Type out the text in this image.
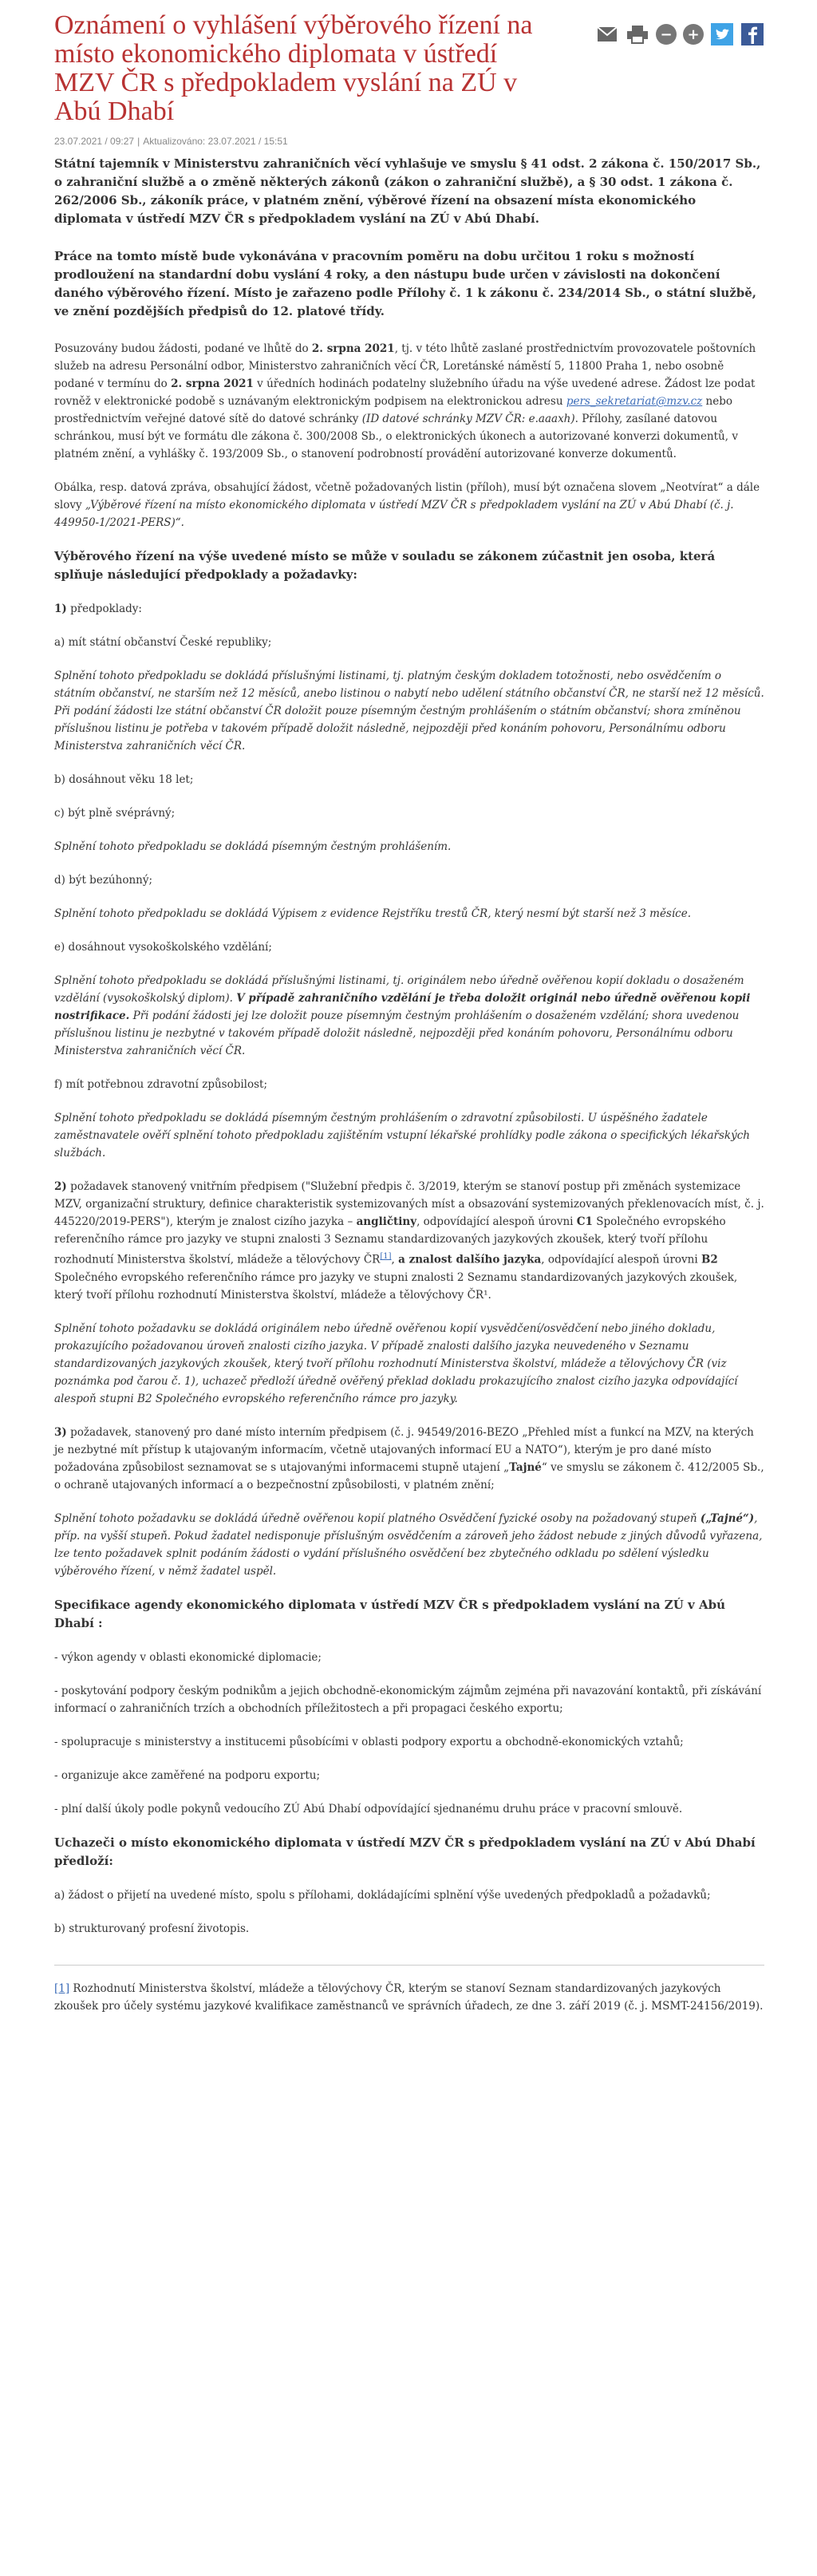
Oznámení o vyhlášení výběrového řízení na místo ekonomického diplomata v ústředí MZV ČR s předpokladem vyslání na ZÚ v Abú Dhabí
−	+
23.07.2021 / 09:27 | Aktualizováno: 23.07.2021 / 15:51
Státní tajemník v Ministerstvu zahraničních věcí vyhlašuje ve smyslu § 41 odst. 2 zákona č. 150/2017 Sb., o zahraniční službě a o změně některých zákonů (zákon o zahraniční službě), a § 30 odst. 1 zákona č. 262/2006 Sb., zákoník práce, v platném znění, výběrové řízení na obsazení místa ekonomického diplomata v ústředí MZV ČR s předpokladem vyslání na ZÚ v Abú Dhabí.
Práce na tomto místě bude vykonávána v pracovním poměru na dobu určitou 1 roku s možností prodloužení na standardní dobu vyslání 4 roky, a den nástupu bude určen v závislosti na dokončení daného výběrového řízení. Místo je zařazeno podle Přílohy č. 1 k zákonu č. 234/2014 Sb., o státní službě, ve znění pozdějších předpisů do 12. platové třídy.

Posuzovány budou žádosti, podané ve lhůtě do 2. srpna 2021, tj. v této lhůtě zaslané prostřednictvím provozovatele poštovních služeb na adresu Personální odbor, Ministerstvo zahraničních věcí ČR, Loretánské náměstí 5, 11800 Praha 1, nebo osobně podané v termínu do 2. srpna 2021 v úředních hodinách podatelny služebního úřadu na výše uvedené adrese. Žádost lze podat rovněž v elektronické podobě s uznávaným elektronickým podpisem na elektronickou adresu pers_sekretariat@mzv.cz nebo prostřednictvím veřejné datové sítě do datové schránky (ID datové schránky MZV ČR: e.aaaxh). Přílohy, zasílané datovou schránkou, musí být ve formátu dle zákona č. 300/2008 Sb., o elektronických úkonech a autorizované konverzi dokumentů, v platném znění, a vyhlášky č. 193/2009 Sb., o stanovení podrobností provádění autorizované konverze dokumentů.

Obálka, resp. datová zpráva, obsahující žádost, včetně požadovaných listin (příloh), musí být označena slovem „Neotvírat“ a dále slovy „Výběrové řízení na místo ekonomického diplomata v ústředí MZV ČR s předpokladem vyslání na ZÚ v Abú Dhabí (č. j. 449950-1/2021-PERS)“.

Výběrového řízení na výše uvedené místo se může v souladu se zákonem zúčastnit jen osoba, která splňuje následující předpoklady a požadavky:

1) předpoklady:

a) mít státní občanství České republiky;

Splnění tohoto předpokladu se dokládá příslušnými listinami, tj. platným českým dokladem totožnosti, nebo osvědčením o státním občanství, ne starším než 12 měsíců, anebo listinou o nabytí nebo udělení státního občanství ČR, ne starší než 12 měsíců. Při podání žádosti lze státní občanství ČR doložit pouze písemným čestným prohlášením o státním občanství; shora zmíněnou příslušnou listinu je potřeba v takovém případě doložit následně, nejpozději před konáním pohovoru, Personálnímu odboru Ministerstva zahraničních věcí ČR.

b) dosáhnout věku 18 let;

c) být plně svéprávný;

Splnění tohoto předpokladu se dokládá písemným čestným prohlášením.

d) být bezúhonný;

Splnění tohoto předpokladu se dokládá Výpisem z evidence Rejstříku trestů ČR, který nesmí být starší než 3 měsíce.

e) dosáhnout vysokoškolského vzdělání;

Splnění tohoto předpokladu se dokládá příslušnými listinami, tj. originálem nebo úředně ověřenou kopií dokladu o dosaženém vzdělání (vysokoškolský diplom). V případě zahraničního vzdělání je třeba doložit originál nebo úředně ověřenou kopii nostrifikace. Při podání žádosti jej lze doložit pouze písemným čestným prohlášením o dosaženém vzdělání; shora uvedenou příslušnou listinu je nezbytné v takovém případě doložit následně, nejpozději před konáním pohovoru, Personálnímu odboru Ministerstva zahraničních věcí ČR.

f) mít potřebnou zdravotní způsobilost;

Splnění tohoto předpokladu se dokládá písemným čestným prohlášením o zdravotní způsobilosti. U úspěšného žadatele zaměstnavatele ověří splnění tohoto předpokladu zajištěním vstupní lékařské prohlídky podle zákona o specifických lékařských službách.

2) požadavek stanovený vnitřním předpisem ("Služební předpis č. 3/2019, kterým se stanoví postup při změnách systemizace MZV, organizační struktury, definice charakteristik systemizovaných míst a obsazování systemizovaných překlenovacích míst, č. j. 445220/2019-PERS"), kterým je znalost cizího jazyka – angličtiny, odpovídající alespoň úrovni C1 Společného evropského referenčního rámce pro jazyky ve stupni znalosti 3 Seznamu standardizovaných jazykových zkoušek, který tvoří přílohu rozhodnutí Ministerstva školství, mládeže a tělovýchovy ČR[1], a znalost dalšího jazyka, odpovídající alespoň úrovni B2 Společného evropského referenčního rámce pro jazyky ve stupni znalosti 2 Seznamu standardizovaných jazykových zkoušek, který tvoří přílohu rozhodnutí Ministerstva školství, mládeže a tělovýchovy ČR¹.

Splnění tohoto požadavku se dokládá originálem nebo úředně ověřenou kopií vysvědčení/osvědčení nebo jiného dokladu, prokazujícího požadovanou úroveň znalosti cizího jazyka. V případě znalosti dalšího jazyka neuvedeného v Seznamu standardizovaných jazykových zkoušek, který tvoří přílohu rozhodnutí Ministerstva školství, mládeže a tělovýchovy ČR (viz poznámka pod čarou č. 1), uchazeč předloží úředně ověřený překlad dokladu prokazujícího znalost cizího jazyka odpovídající alespoň stupni B2 Společného evropského referenčního rámce pro jazyky.

3) požadavek, stanovený pro dané místo interním předpisem (č. j. 94549/2016-BEZO „Přehled míst a funkcí na MZV, na kterých je nezbytné mít přístup k utajovaným informacím, včetně utajovaných informací EU a NATO“), kterým je pro dané místo požadována způsobilost seznamovat se s utajovanými informacemi stupně utajení „Tajné“ ve smyslu se zákonem č. 412/2005 Sb., o ochraně utajovaných informací a o bezpečnostní způsobilosti, v platném znění;

Splnění tohoto požadavku se dokládá úředně ověřenou kopií platného Osvědčení fyzické osoby na požadovaný stupeň („Tajné“), příp. na vyšší stupeň. Pokud žadatel nedisponuje příslušným osvědčením a zároveň jeho žádost nebude z jiných důvodů vyřazena, lze tento požadavek splnit podáním žádosti o vydání příslušného osvědčení bez zbytečného odkladu po sdělení výsledku výběrového řízení, v němž žadatel uspěl.

Specifikace agendy ekonomického diplomata v ústředí MZV ČR s předpokladem vyslání na ZÚ v Abú Dhabí :

- výkon agendy v oblasti ekonomické diplomacie;

- poskytování podpory českým podnikům a jejich obchodně-ekonomickým zájmům zejména při navazování kontaktů, při získávání informací o zahraničních trzích a obchodních příležitostech a při propagaci českého exportu;

- spolupracuje s ministerstvy a institucemi působícími v oblasti podpory exportu a obchodně-ekonomických vztahů;

- organizuje akce zaměřené na podporu exportu;

- plní další úkoly podle pokynů vedoucího ZÚ Abú Dhabí odpovídající sjednanému druhu práce v pracovní smlouvě.

Uchazeči o místo ekonomického diplomata v ústředí MZV ČR s předpokladem vyslání na ZÚ v Abú Dhabí předloží:

a) žádost o přijetí na uvedené místo, spolu s přílohami, dokládajícími splnění výše uvedených předpokladů a požadavků;

b) strukturovaný profesní životopis.

[1] Rozhodnutí Ministerstva školství, mládeže a tělovýchovy ČR, kterým se stanoví Seznam standardizovaných jazykových zkoušek pro účely systému jazykové kvalifikace zaměstnanců ve správních úřadech, ze dne 3. září 2019 (č. j. MSMT-24156/2019).
